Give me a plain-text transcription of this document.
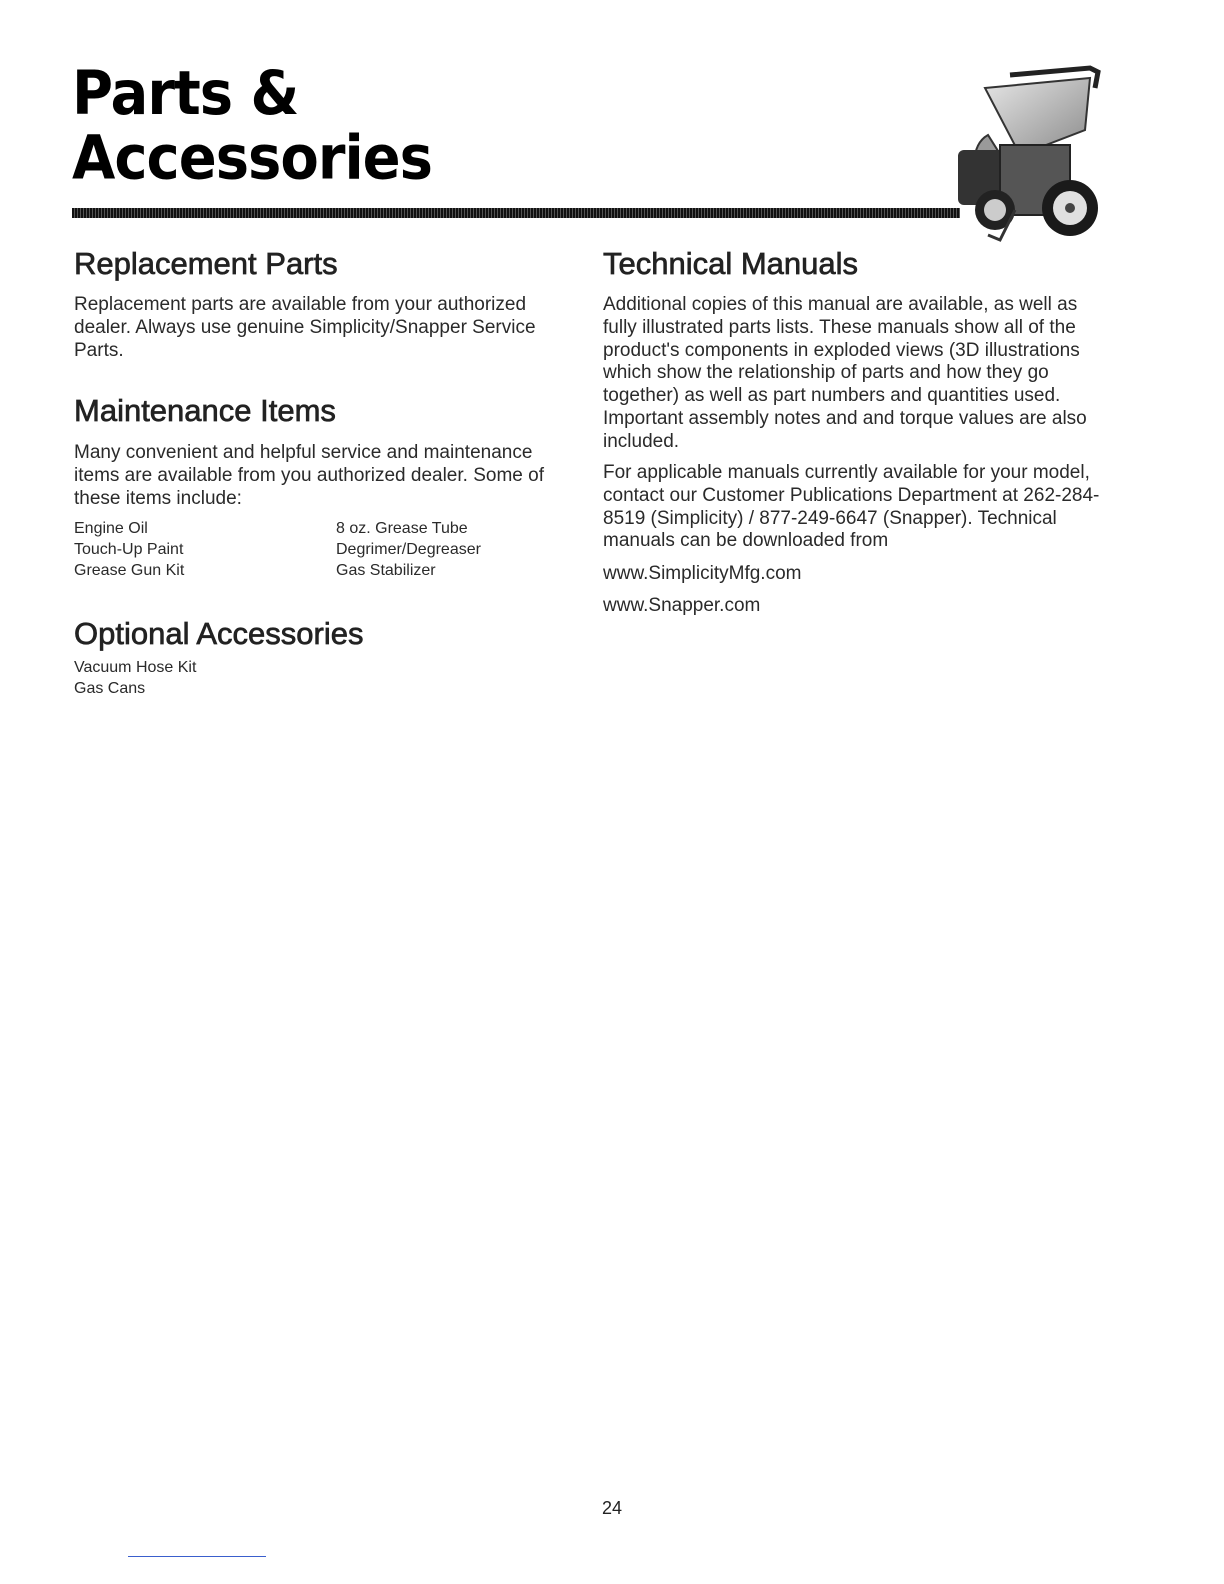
Parts &
Accessories
Replacement Parts

Replacement parts are available from your authorized dealer. Always use genuine Simplicity/Snapper Service Parts.

Maintenance Items

Many convenient and helpful service and maintenance items are available from you authorized dealer. Some of these items include:

Engine Oil
Touch-Up Paint
Grease Gun Kit
8 oz. Grease Tube
Degrimer/Degreaser
Gas Stabilizer
Optional Accessories
Vacuum Hose Kit
Gas Cans
Technical Manuals

Additional copies of this manual are available, as well as fully illustrated parts lists. These manuals show all of the product's components in exploded views (3D illustrations which show the relationship of parts and how they go together) as well as part numbers and quantities used. Important assembly notes and and torque values are also included.

For applicable manuals currently available for your model, contact our Customer Publications Department at 262-284-8519 (Simplicity) / 877-249-6647 (Snapper). Technical manuals can be downloaded from

www.SimplicityMfg.com

www.Snapper.com

24
